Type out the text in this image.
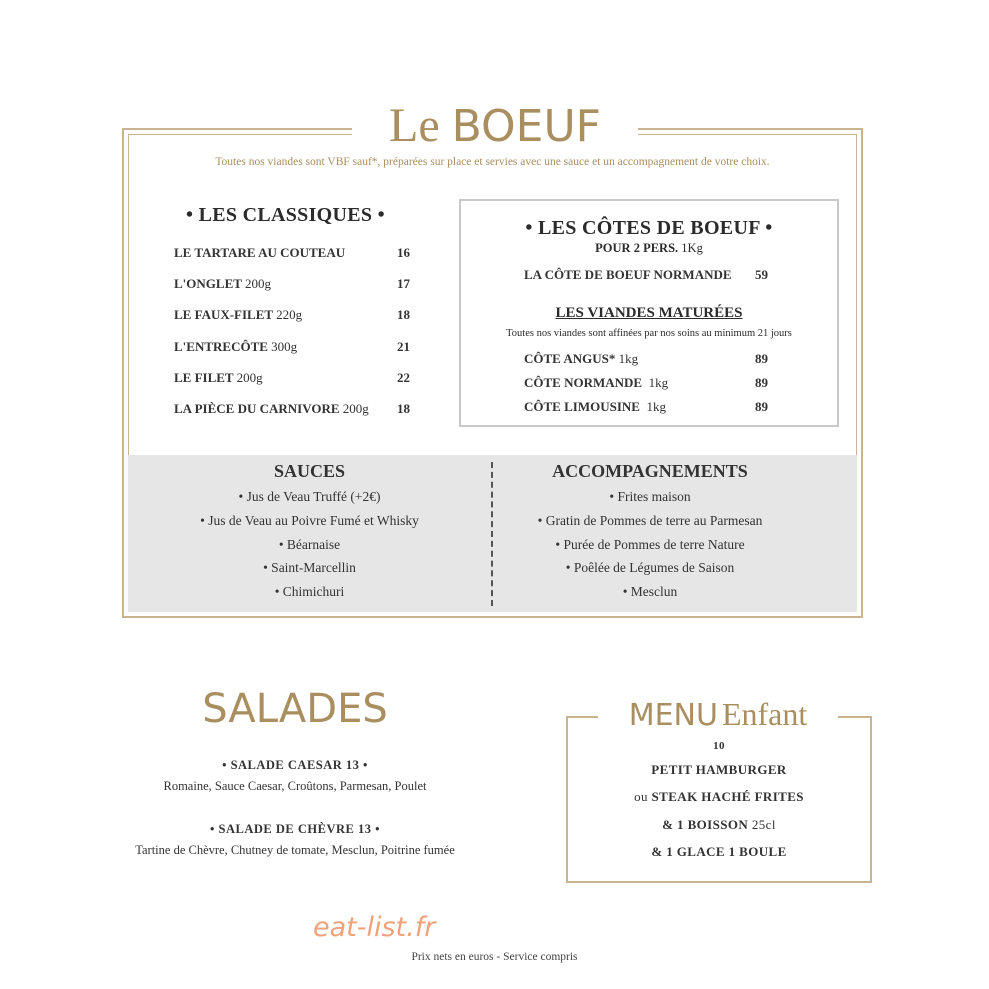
Le BOEUF
Toutes nos viandes sont VBF sauf*, préparées sur place et servies avec une sauce et un accompagnement de votre choix.
• LES CLASSIQUES •
LE TARTARE AU COUTEAU	16
L'ONGLET 200g	17
LE FAUX-FILET 220g	18
L'ENTRECÔTE 300g	21
LE FILET 200g	22
LA PIÈCE DU CARNIVORE 200g	18
• LES CÔTES DE BOEUF •
POUR 2 PERS. 1Kg
LA CÔTE DE BOEUF NORMANDE 59
LES VIANDES MATURÉES
Toutes nos viandes sont affinées par nos soins au minimum 21 jours
CÔTE ANGUS* 1kg	89
CÔTE NORMANDE 1kg	89
CÔTE LIMOUSINE 1kg	89
SAUCES
• Jus de Veau Truffé (+2€)
• Jus de Veau au Poivre Fumé et Whisky
• Béarnaise
• Saint-Marcellin
• Chimichuri
ACCOMPAGNEMENTS
• Frites maison
• Gratin de Pommes de terre au Parmesan
• Purée de Pommes de terre Nature
• Poêlée de Légumes de Saison
• Mesclun
SALADES
• SALADE CAESAR 13 •
Romaine, Sauce Caesar, Croûtons, Parmesan, Poulet
• SALADE DE CHÈVRE 13 •
Tartine de Chèvre, Chutney de tomate, Mesclun, Poitrine fumée
MENU Enfant
10
PETIT HAMBURGER
ou STEAK HACHÉ FRITES
& 1 BOISSON 25cl
& 1 GLACE 1 BOULE
eat-list.fr
Prix nets en euros - Service compris
